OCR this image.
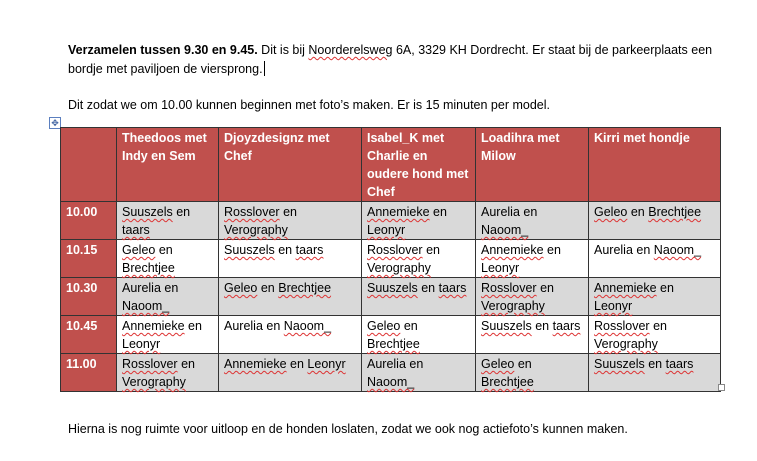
Verzamelen tussen 9.30 en 9.45. Dit is bij Noorderelsweg 6A, 3329 KH Dordrecht. Er staat bij de parkeerplaats een bordje met paviljoen de viersprong.
Dit zodat we om 10.00 kunnen beginnen met foto’s maken. Er is 15 minuten per model.
✥
	Theedoos met Indy en Sem	Djoyzdesignz met Chef	Isabel_K met Charlie en oudere hond met Chef	Loadihra met Milow	Kirri met hondje
10.00	Suuszels en taars	Rosslover en Verography	Annemieke en Leonyr	Aurelia en Naoom_	Geleo en Brechtjee
10.15	Geleo en Brechtjee	Suuszels en taars	Rosslover en Verography	Annemieke en Leonyr	Aurelia en Naoom_
10.30	Aurelia en Naoom_	Geleo en Brechtjee	Suuszels en taars	Rosslover en Verography	Annemieke en Leonyr
10.45	Annemieke en Leonyr	Aurelia en Naoom_	Geleo en Brechtjee	Suuszels en taars	Rosslover en Verography
11.00	Rosslover en Verography	Annemieke en Leonyr	Aurelia en Naoom_	Geleo en Brechtjee	Suuszels en taars
Hierna is nog ruimte voor uitloop en de honden loslaten, zodat we ook nog actiefoto’s kunnen maken.
